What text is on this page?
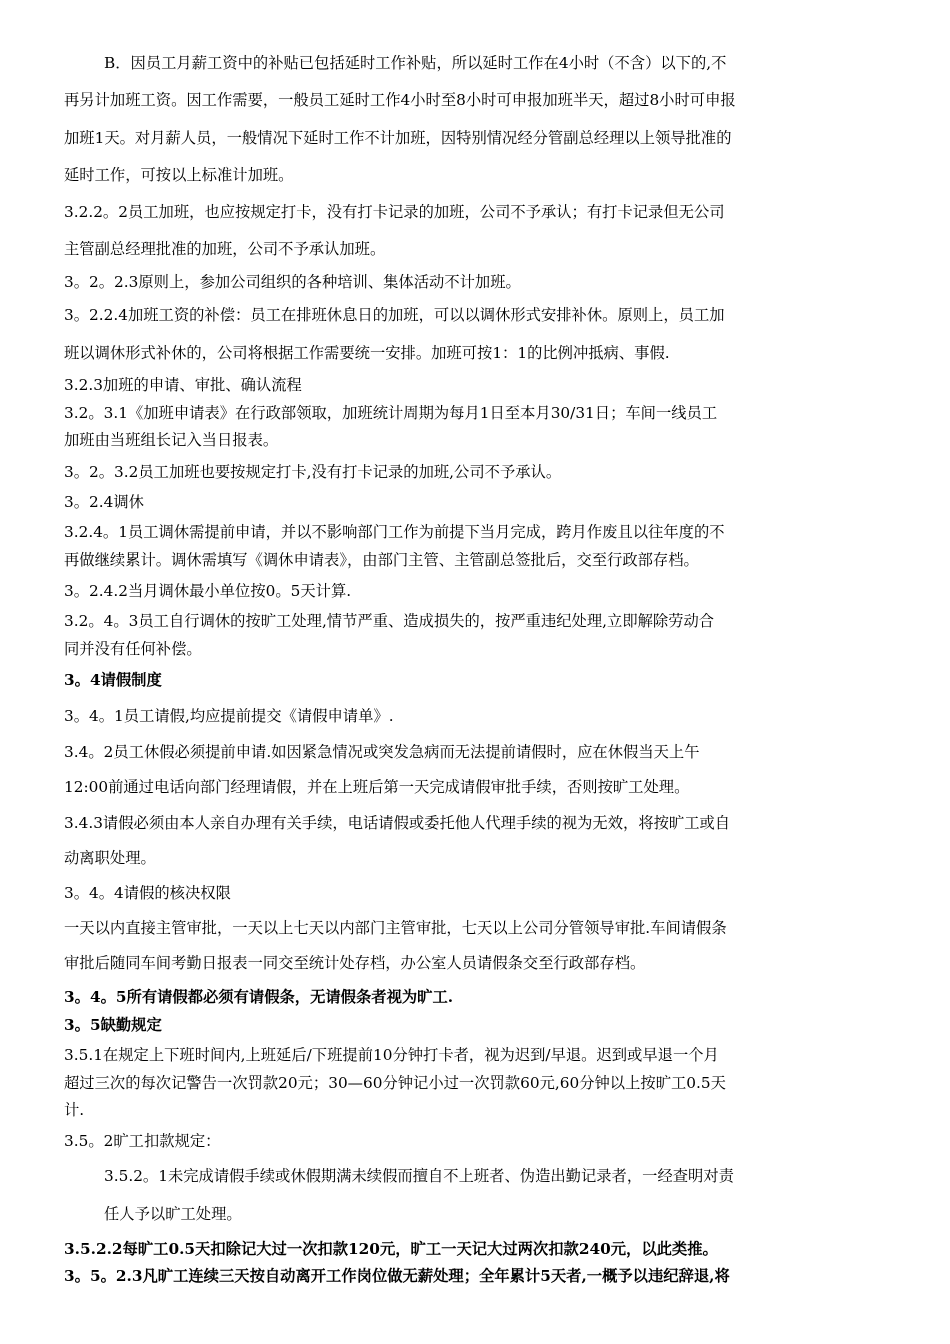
B．因员工月薪工资中的补贴已包括延时工作补贴，所以延时工作在4小时（不含）以下的,不

再另计加班工资。因工作需要，一般员工延时工作4小时至8小时可申报加班半天，超过8小时可申报

加班1天。对月薪人员，一般情况下延时工作不计加班，因特别情况经分管副总经理以上领导批准的

延时工作，可按以上标准计加班。

3.2.2。2员工加班，也应按规定打卡，没有打卡记录的加班，公司不予承认；有打卡记录但无公司

主管副总经理批准的加班，公司不予承认加班。

3。2。2.3原则上，参加公司组织的各种培训、集体活动不计加班。

3。2.2.4加班工资的补偿：员工在排班休息日的加班，可以以调休形式安排补休。原则上，员工加

班以调休形式补休的，公司将根据工作需要统一安排。加班可按1：1的比例冲抵病、事假.

3.2.3加班的申请、审批、确认流程

3.2。3.1《加班申请表》在行政部领取，加班统计周期为每月1日至本月30/31日；车间一线员工

加班由当班组长记入当日报表。

3。2。3.2员工加班也要按规定打卡,没有打卡记录的加班,公司不予承认。

3。2.4调休

3.2.4。1员工调休需提前申请，并以不影响部门工作为前提下当月完成，跨月作废且以往年度的不

再做继续累计。调休需填写《调休申请表》，由部门主管、主管副总签批后，交至行政部存档。

3。2.4.2当月调休最小单位按0。5天计算.

3.2。4。3员工自行调休的按旷工处理,情节严重、造成损失的，按严重违纪处理,立即解除劳动合

同并没有任何补偿。

3。4请假制度

3。4。1员工请假,均应提前提交《请假申请单》.

3.4。2员工休假必须提前申请.如因紧急情况或突发急病而无法提前请假时，应在休假当天上午

12:00前通过电话向部门经理请假，并在上班后第一天完成请假审批手续，否则按旷工处理。

3.4.3请假必须由本人亲自办理有关手续，电话请假或委托他人代理手续的视为无效，将按旷工或自

动离职处理。

3。4。4请假的核决权限

一天以内直接主管审批，一天以上七天以内部门主管审批，七天以上公司分管领导审批.车间请假条

审批后随同车间考勤日报表一同交至统计处存档，办公室人员请假条交至行政部存档。

3。4。5所有请假都必须有请假条，无请假条者视为旷工.

3。5缺勤规定

3.5.1在规定上下班时间内,上班延后/下班提前10分钟打卡者，视为迟到/早退。迟到或早退一个月

超过三次的每次记警告一次罚款20元；30—60分钟记小过一次罚款60元,60分钟以上按旷工0.5天

计.

3.5。2旷工扣款规定：

3.5.2。1未完成请假手续或休假期满未续假而擅自不上班者、伪造出勤记录者，一经查明对责

任人予以旷工处理。

3.5.2.2每旷工0.5天扣除记大过一次扣款120元，旷工一天记大过两次扣款240元，以此类推。

3。5。2.3凡旷工连续三天按自动离开工作岗位做无薪处理；全年累计5天者,一概予以违纪辞退,将
